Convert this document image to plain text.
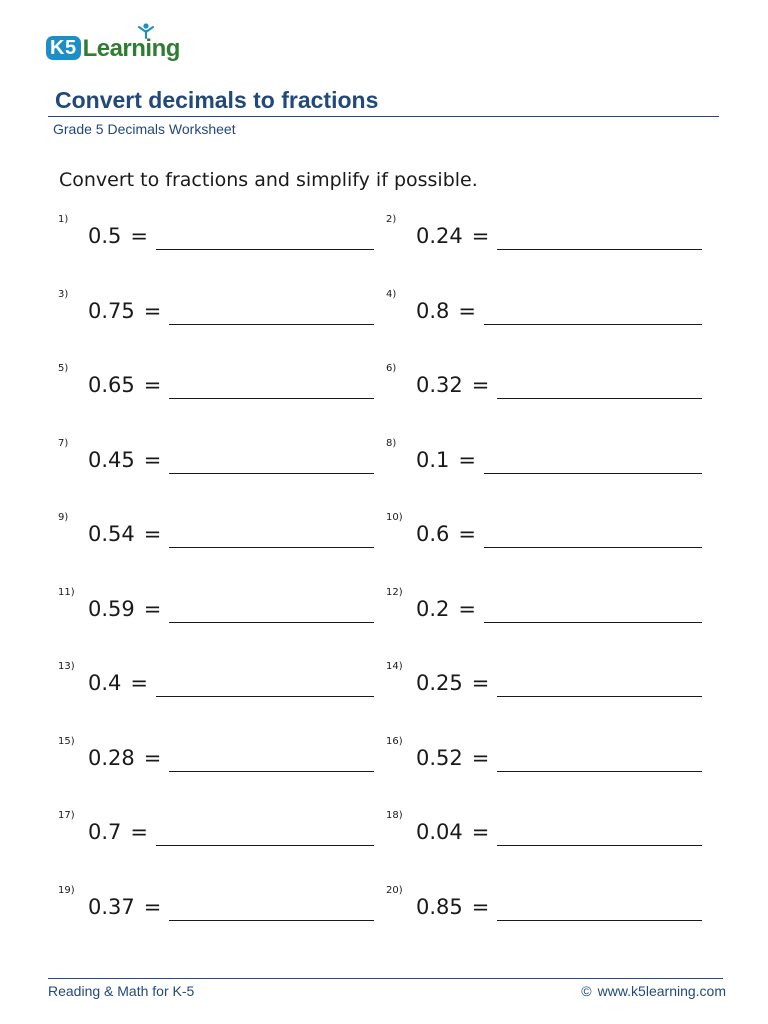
K5 Learning
Convert decimals to fractions
Grade 5 Decimals Worksheet
Convert to fractions and simplify if possible.
1)
0.5 =
2)
0.24 =
3)
0.75 =
4)
0.8 =
5)
0.65 =
6)
0.32 =
7)
0.45 =
8)
0.1 =
9)
0.54 =
10)
0.6 =
11)
0.59 =
12)
0.2 =
13)
0.4 =
14)
0.25 =
15)
0.28 =
16)
0.52 =
17)
0.7 =
18)
0.04 =
19)
0.37 =
20)
0.85 =
Reading & Math for K-5	© www.k5learning.com
